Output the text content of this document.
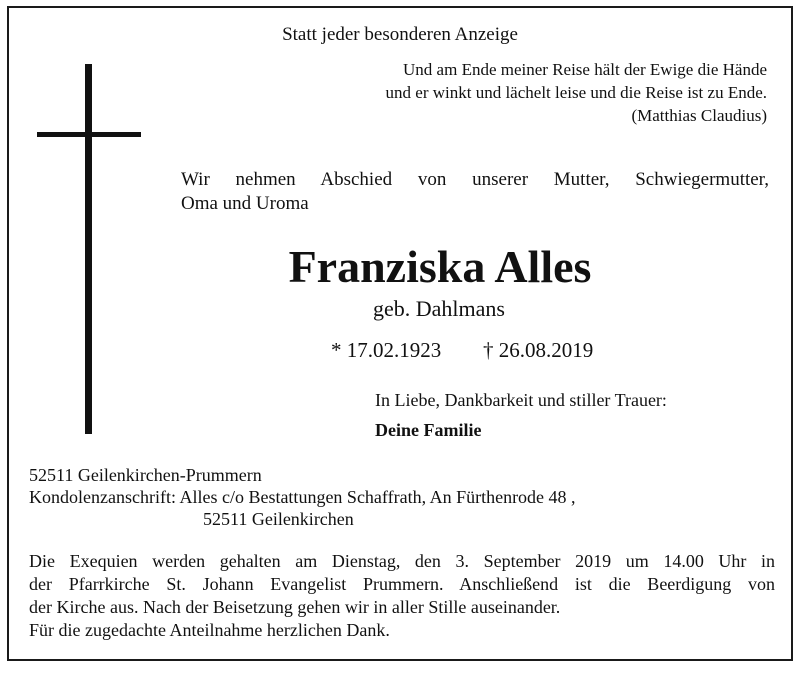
Statt jeder besonderen Anzeige
Und am Ende meiner Reise hält der Ewige die Hände
und er winkt und lächelt leise und die Reise ist zu Ende.
(Matthias Claudius)
Wir nehmen Abschied von unserer Mutter, Schwiegermutter,
Oma und Uroma
Franziska Alles
geb. Dahlmans
* 17.02.1923 † 26.08.2019
In Liebe, Dankbarkeit und stiller Trauer:
Deine Familie
52511 Geilenkirchen-Prummern
Kondolenzanschrift: Alles c/o Bestattungen Schaffrath, An Fürthenrode 48 ,
52511 Geilenkirchen
Die Exequien werden gehalten am Dienstag, den 3. September 2019 um 14.00 Uhr in
der Pfarrkirche St. Johann Evangelist Prummern. Anschließend ist die Beerdigung von
der Kirche aus. Nach der Beisetzung gehen wir in aller Stille auseinander.
Für die zugedachte Anteilnahme herzlichen Dank.
